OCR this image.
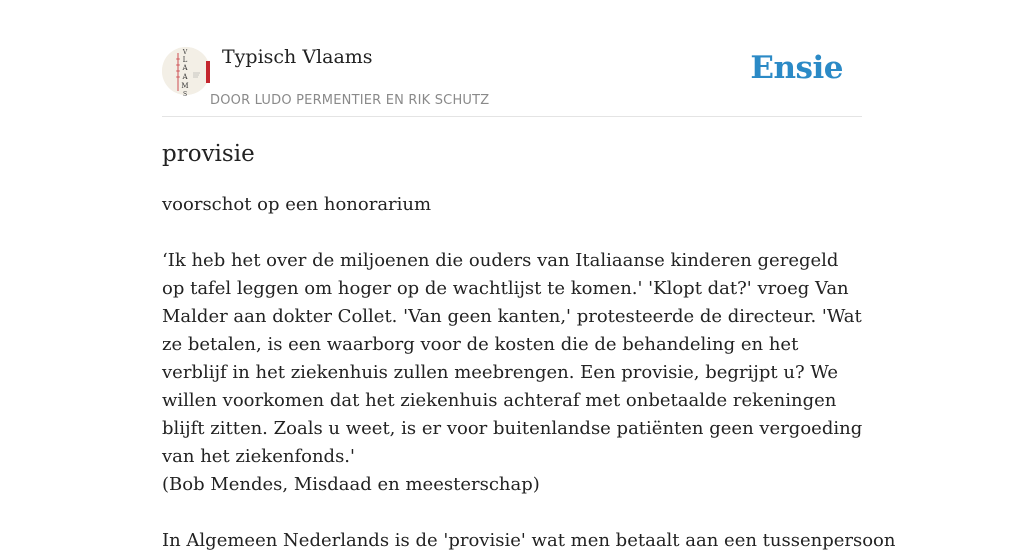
V
L
A
A
M
S
Typisch Vlaams
DOOR LUDO PERMENTIER EN RIK SCHUTZ
Ensie
provisie

voorschot op een honorarium

‘Ik heb het over de miljoenen die ouders van Italiaanse kinderen geregeld op tafel leggen om hoger op de wachtlijst te komen.' 'Klopt dat?' vroeg Van Malder aan dokter Collet. 'Van geen kanten,' protesteerde de directeur. 'Wat ze betalen, is een waarborg voor de kosten die de behandeling en het verblijf in het ziekenhuis zullen meebrengen. Een provisie, begrijpt u? We willen voorkomen dat het ziekenhuis achteraf met onbetaalde rekeningen blijft zitten. Zoals u weet, is er voor buitenlandse patiënten geen vergoeding van het ziekenfonds.'

(Bob Mendes, Misdaad en meesterschap)

In Algemeen Nederlands is de 'provisie' wat men betaalt aan een tussenpersoon
